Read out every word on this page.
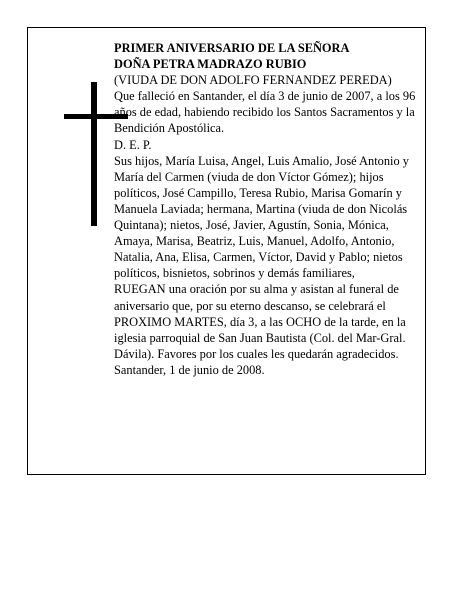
PRIMER ANIVERSARIO DE LA SEÑORA

DOÑA PETRA MADRAZO RUBIO

(VIUDA DE DON ADOLFO FERNANDEZ PEREDA)

Que falleció en Santander, el día 3 de junio de 2007, a los 96 años de edad, habiendo recibido los Santos Sacramentos y la Bendición Apostólica.

D. E. P.

Sus hijos, María Luisa, Angel, Luis Amalio, José Antonio y María del Carmen (viuda de don Víctor Gómez); hijos políticos, José Campillo, Teresa Rubio, Marisa Gomarín y Manuela Laviada; hermana, Martina (viuda de don Nicolás Quintana); nietos, José, Javier, Agustín, Sonia, Mónica, Amaya, Marisa, Beatriz, Luis, Manuel, Adolfo, Antonio, Natalia, Ana, Elisa, Carmen, Víctor, David y Pablo; nietos políticos, bisnietos, sobrinos y demás familiares,

RUEGAN una oración por su alma y asistan al funeral de aniversario que, por su eterno descanso, se celebrará el PROXIMO MARTES, día 3, a las OCHO de la tarde, en la iglesia parroquial de San Juan Bautista (Col. del Mar-Gral. Dávila). Favores por los cuales les quedarán agradecidos.

Santander, 1 de junio de 2008.
